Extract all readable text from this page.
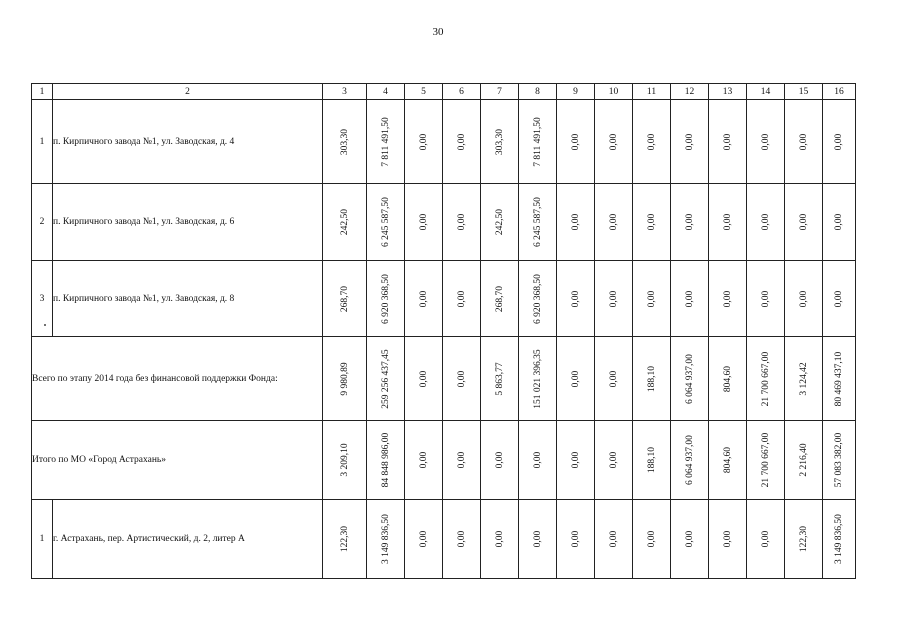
30
1	2	3	4	5	6	7	8	9	10	11	12	13	14	15	16
1	п. Кирпичного завода №1, ул. Заводская, д. 4	303,30	7 811 491,50	0,00	0,00	303,30	7 811 491,50	0,00	0,00	0,00	0,00	0,00	0,00	0,00	0,00

2	п. Кирпичного завода №1, ул. Заводская, д. 6	242,50	6 245 587,50	0,00	0,00	242,50	6 245 587,50	0,00	0,00	0,00	0,00	0,00	0,00	0,00	0,00

3	п. Кирпичного завода №1, ул. Заводская, д. 8	268,70	6 920 368,50	0,00	0,00	268,70	6 920 368,50	0,00	0,00	0,00	0,00	0,00	0,00	0,00	0,00

Всего по этапу 2014 года без финансовой поддержки Фонда:		9 980,89	259 256 437,45	0,00	0,00	5 863,77	151 021 396,35	0,00	0,00	188,10	6 064 937,00	804,60	21 700 667,00	3 124,42	80 469 437,10

Итого по МО «Город Астрахань»		3 209,10	84 848 986,00	0,00	0,00	0,00	0,00	0,00	0,00	188,10	6 064 937,00	804,60	21 700 667,00	2 216,40	57 083 382,00

1	г. Астрахань, пер. Артистический, д. 2, литер А	122,30	3 149 836,50	0,00	0,00	0,00	0,00	0,00	0,00	0,00	0,00	0,00	0,00	122,30	3 149 836,50
